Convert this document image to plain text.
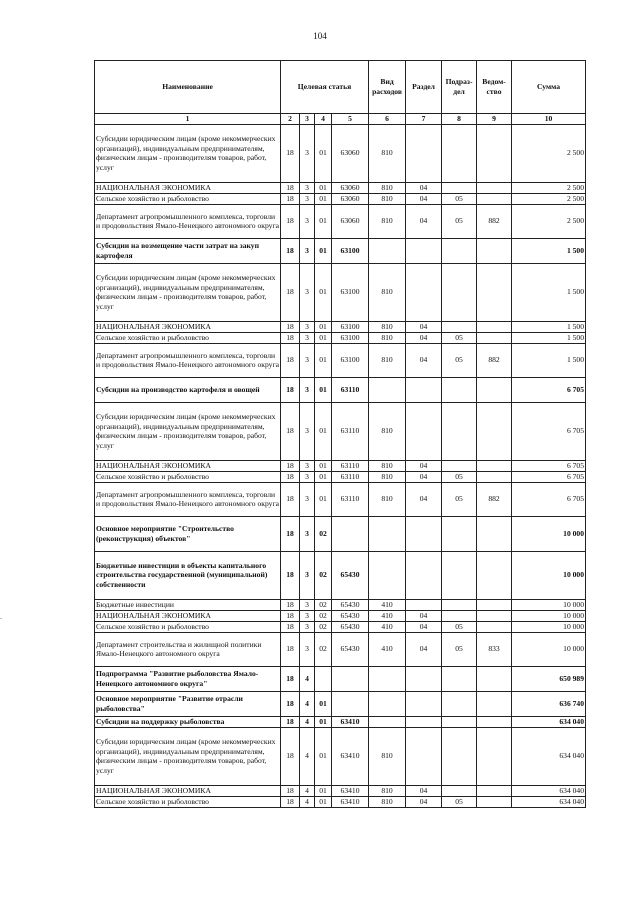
104
Наименование	Целевая статья				Вид расходов	Раздел	Подраз-дел	Ведом-ство	Сумма
1	2	3	4	5	6	7	8	9	10
Субсидии юридическим лицам (кроме некоммерческих организаций), индивидуальным предпринимателям, физическим лицам - производителям товаров, работ, услуг	18	3	01	63060	810				2 500
НАЦИОНАЛЬНАЯ ЭКОНОМИКА	18	3	01	63060	810	04			2 500
Сельское хозяйство и рыболовство	18	3	01	63060	810	04	05		2 500
Департамент агропромышленного комплекса, торговли и продовольствия Ямало-Ненецкого автономного округа	18	3	01	63060	810	04	05	882	2 500
Субсидии на возмещение части затрат на закуп картофеля	18	3	01	63100					1 500
Субсидии юридическим лицам (кроме некоммерческих организаций), индивидуальным предпринимателям, физическим лицам - производителям товаров, работ, услуг	18	3	01	63100	810				1 500
НАЦИОНАЛЬНАЯ ЭКОНОМИКА	18	3	01	63100	810	04			1 500
Сельское хозяйство и рыболовство	18	3	01	63100	810	04	05		1 500
Департамент агропромышленного комплекса, торговли и продовольствия Ямало-Ненецкого автономного округа	18	3	01	63100	810	04	05	882	1 500
Субсидии на производство картофеля и овощей	18	3	01	63110					6 705
Субсидии юридическим лицам (кроме некоммерческих организаций), индивидуальным предпринимателям, физическим лицам - производителям товаров, работ, услуг	18	3	01	63110	810				6 705
НАЦИОНАЛЬНАЯ ЭКОНОМИКА	18	3	01	63110	810	04			6 705
Сельское хозяйство и рыболовство	18	3	01	63110	810	04	05		6 705
Департамент агропромышленного комплекса, торговли и продовольствия Ямало-Ненецкого автономного округа	18	3	01	63110	810	04	05	882	6 705
Основное мероприятие "Строительство (реконструкция) объектов"	18	3	02						10 000
Бюджетные инвестиции в объекты капитального строительства государственной (муниципальной) собственности	18	3	02	65430					10 000
Бюджетные инвестиции	18	3	02	65430	410				10 000
НАЦИОНАЛЬНАЯ ЭКОНОМИКА	18	3	02	65430	410	04			10 000
Сельское хозяйство и рыболовство	18	3	02	65430	410	04	05		10 000
Департамент строительства и жилищной политики Ямало-Ненецкого автономного округа	18	3	02	65430	410	04	05	833	10 000
Подпрограмма "Развитие рыболовства Ямало-Ненецкого автономного округа"	18	4							650 989
Основное мероприятие "Развитие отрасли рыболовства"	18	4	01						636 740
Субсидии на поддержку рыболовства	18	4	01	63410					634 040
Субсидии юридическим лицам (кроме некоммерческих организаций), индивидуальным предпринимателям, физическим лицам - производителям товаров, работ, услуг	18	4	01	63410	810				634 040
НАЦИОНАЛЬНАЯ ЭКОНОМИКА	18	4	01	63410	810	04			634 040
Сельское хозяйство и рыболовство	18	4	01	63410	810	04	05		634 040
.
